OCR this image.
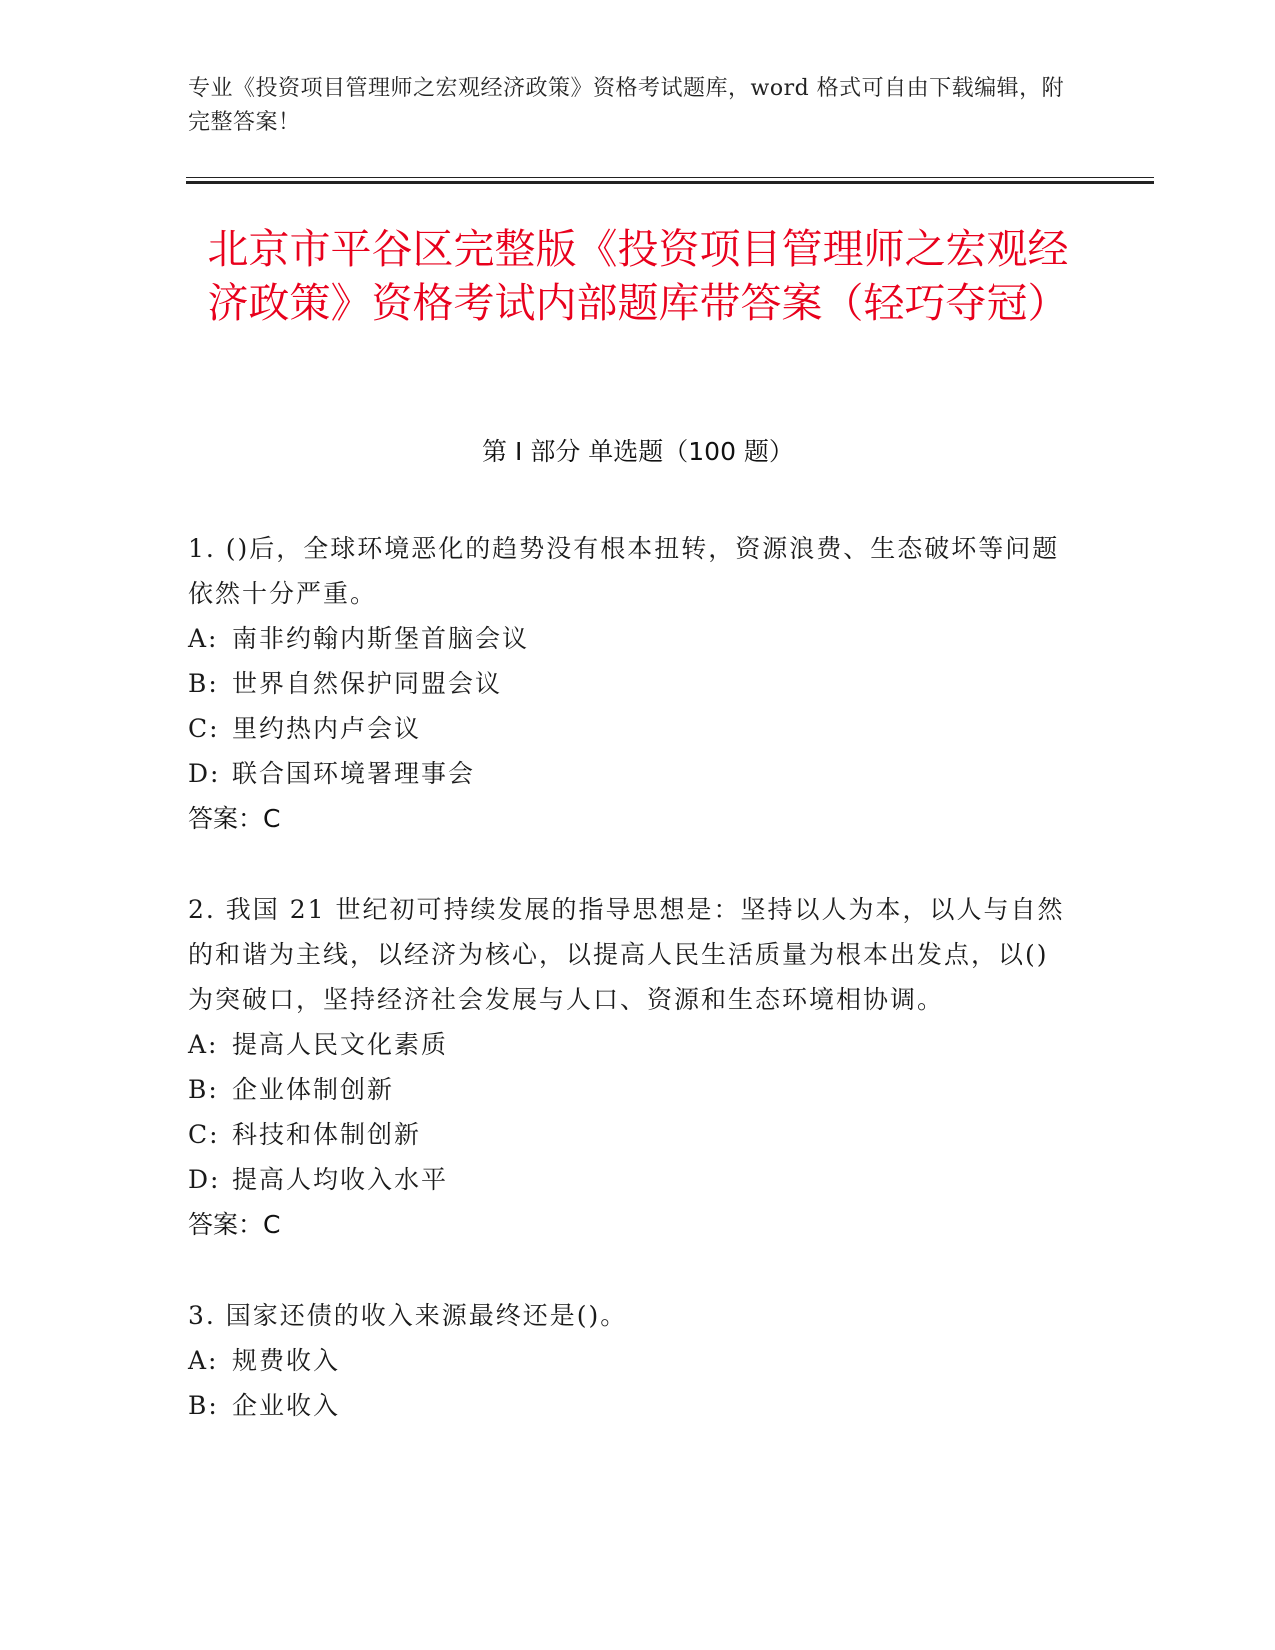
专业《投资项目管理师之宏观经济政策》资格考试题库，word 格式可自由下载编辑，附完整答案！
北京市平谷区完整版《投资项目管理师之宏观经济政策》资格考试内部题库带答案（轻巧夺冠）
第 I 部分 单选题（100 题）

1. ()后，全球环境恶化的趋势没有根本扭转，资源浪费、生态破坏等问题依然十分严重。

A: 南非约翰内斯堡首脑会议

B: 世界自然保护同盟会议

C: 里约热内卢会议

D: 联合国环境署理事会

答案：C

2. 我国 21 世纪初可持续发展的指导思想是：坚持以人为本，以人与自然的和谐为主线，以经济为核心，以提高人民生活质量为根本出发点，以()为突破口，坚持经济社会发展与人口、资源和生态环境相协调。

A: 提高人民文化素质

B: 企业体制创新

C: 科技和体制创新

D: 提高人均收入水平

答案：C

3. 国家还债的收入来源最终还是()。

A: 规费收入

B: 企业收入
